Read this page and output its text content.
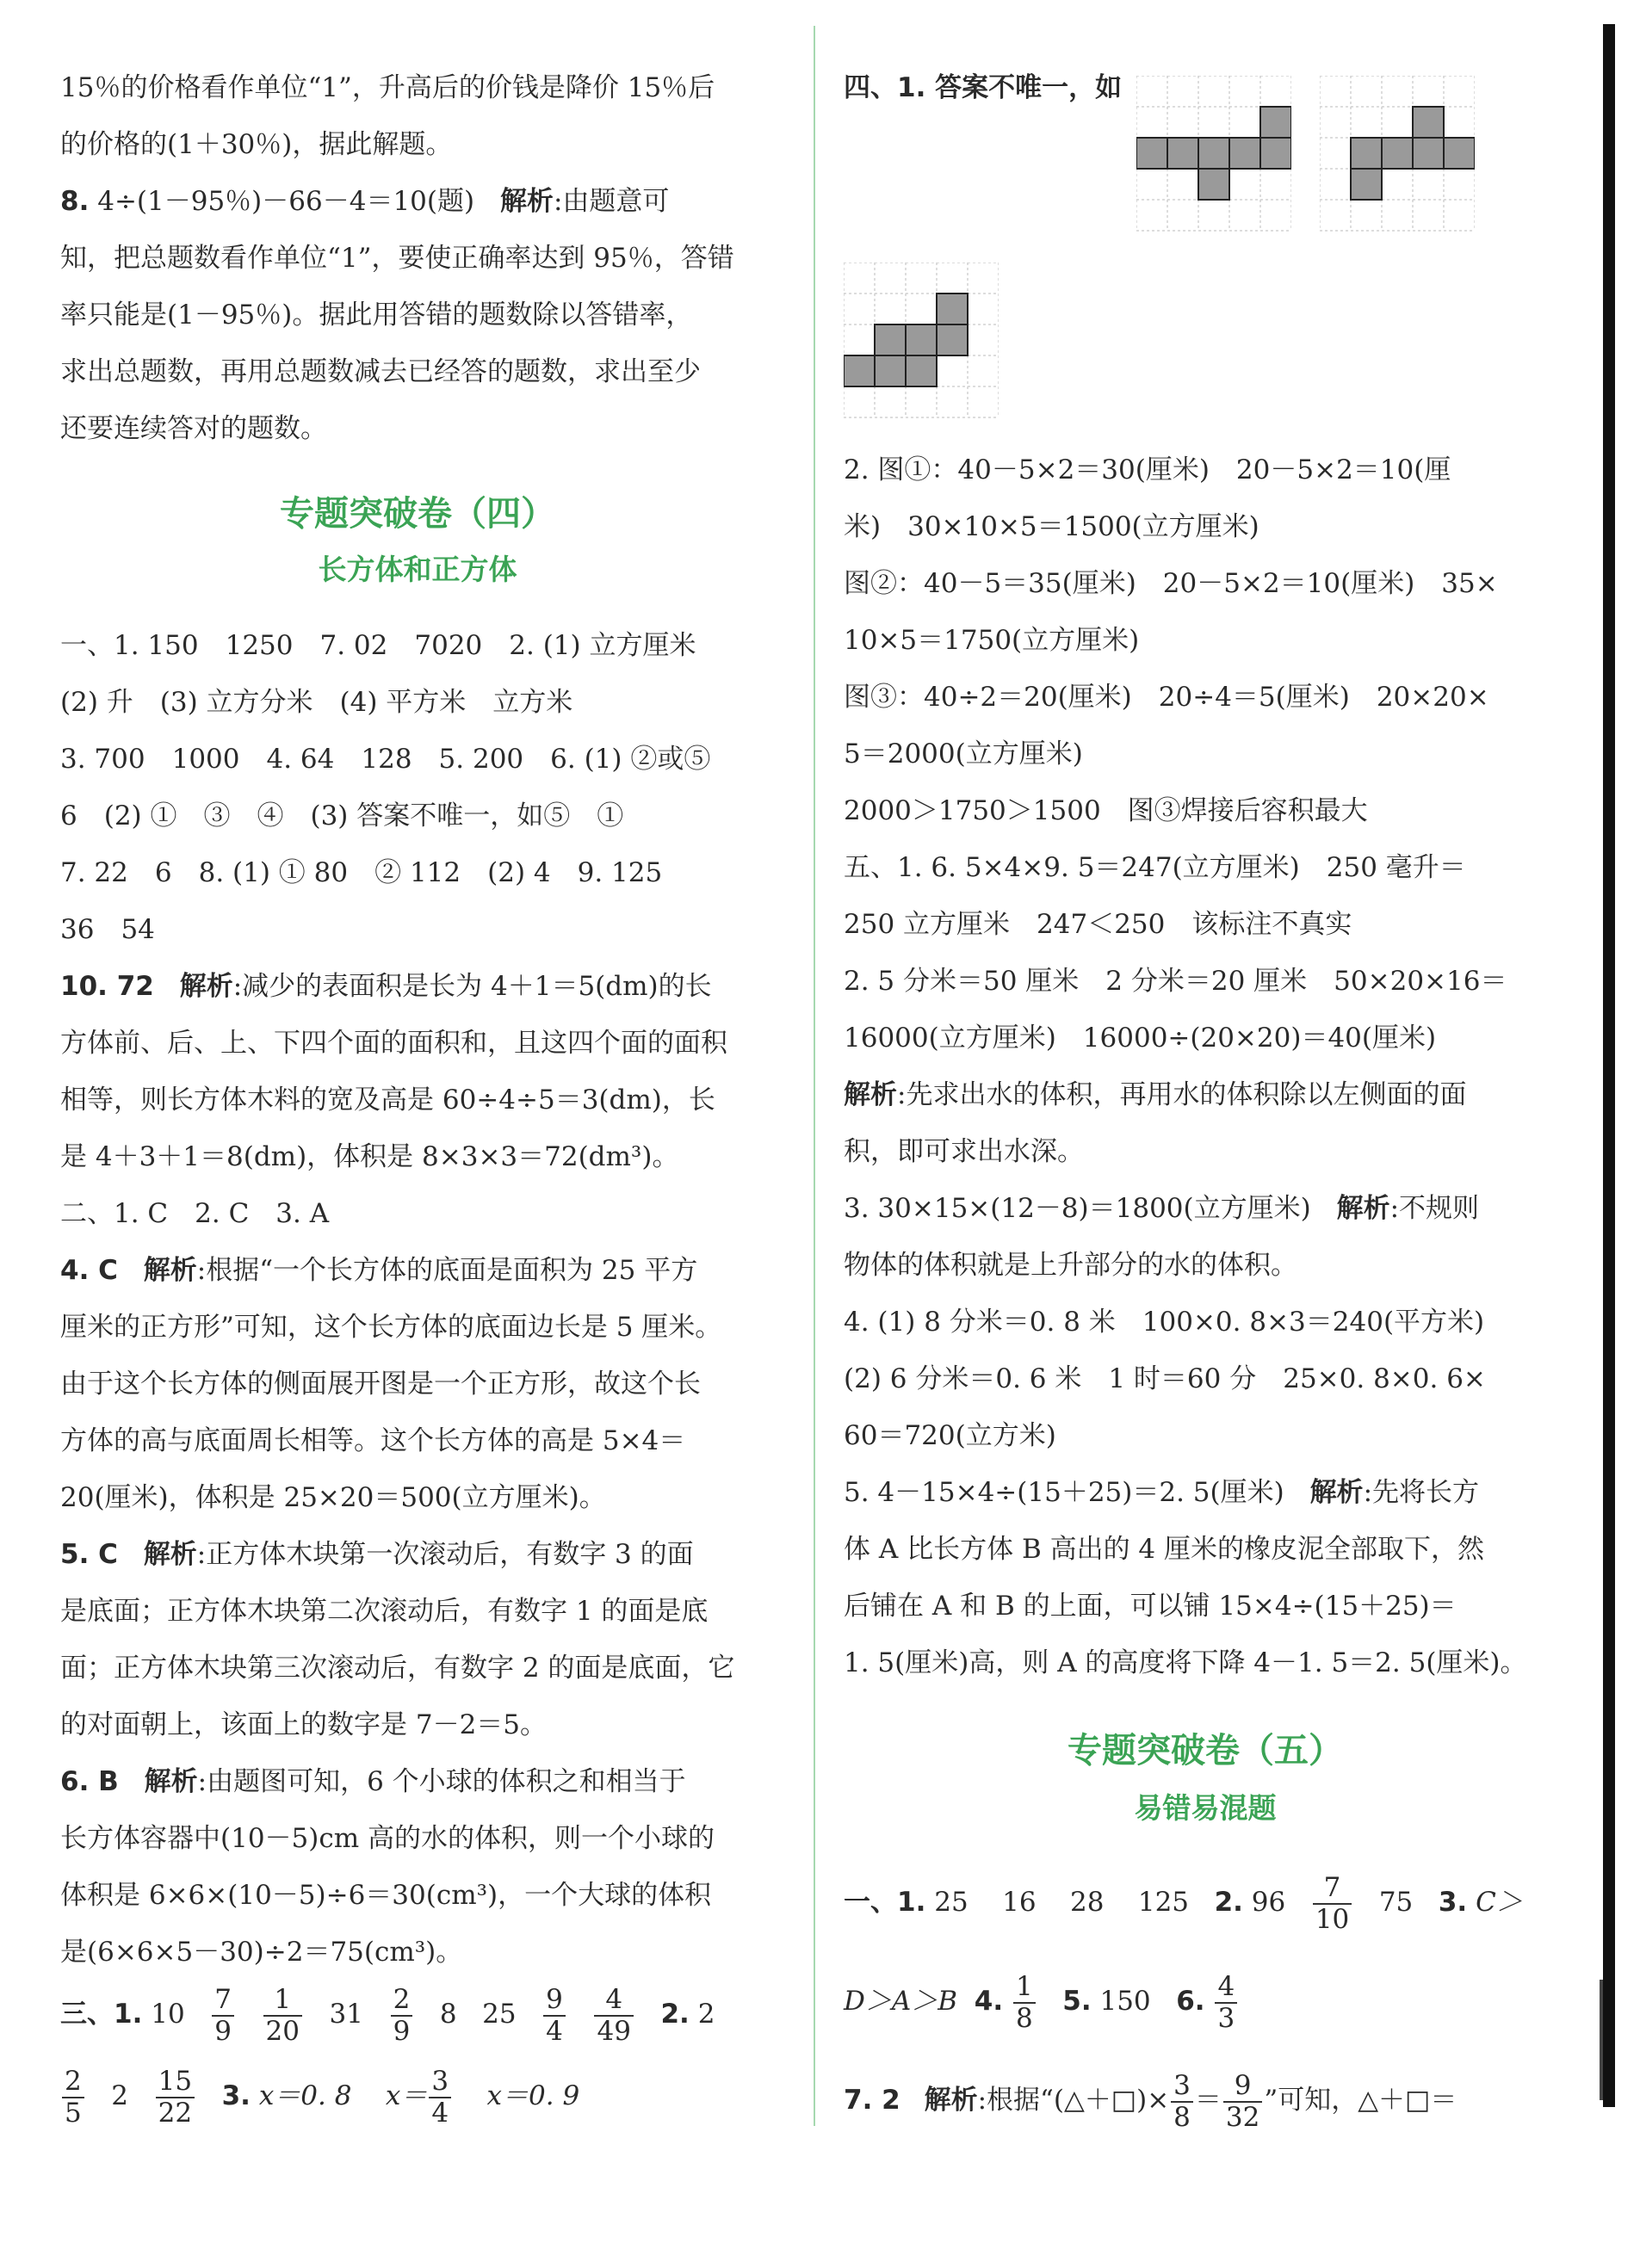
15％的价格看作单位“1”，升高后的价钱是降价 15％后
的价格的(1＋30％)，据此解题。
8. 4÷(1－95％)－66－4＝10(题) 解析:由题意可
知，把总题数看作单位“1”，要使正确率达到 95％，答错
率只能是(1－95％)。据此用答错的题数除以答错率，
求出总题数，再用总题数减去已经答的题数，求出至少
还要连续答对的题数。
专题突破卷（四）
长方体和正方体
一、1. 150　1250　7. 02　7020　2. (1) 立方厘米
(2) 升　(3) 立方分米　(4) 平方米　立方米
3. 700　1000　4. 64　128　5. 200　6. (1) ②或⑤
6　(2) ①　③　④　(3) 答案不唯一，如⑤　①
7. 22　6　8. (1) ① 80　② 112　(2) 4　9. 125
36　54
10. 72 解析:减少的表面积是长为 4＋1＝5(dm)的长
方体前、后、上、下四个面的面积和，且这四个面的面积
相等，则长方体木料的宽及高是 60÷4÷5＝3(dm)，长
是 4＋3＋1＝8(dm)，体积是 8×3×3＝72(dm³)。
二、1. C　2. C　3. A
4. C 解析:根据“一个长方体的底面是面积为 25 平方
厘米的正方形”可知，这个长方体的底面边长是 5 厘米。
由于这个长方体的侧面展开图是一个正方形，故这个长
方体的高与底面周长相等。这个长方体的高是 5×4＝
20(厘米)，体积是 25×20＝500(立方厘米)。
5. C 解析:正方体木块第一次滚动后，有数字 3 的面
是底面；正方体木块第二次滚动后，有数字 1 的面是底
面；正方体木块第三次滚动后，有数字 2 的面是底面，它
的对面朝上，该面上的数字是 7－2＝5。
6. B 解析:由题图可知，6 个小球的体积之和相当于
长方体容器中(10－5)cm 高的水的体积，则一个小球的
体积是 6×6×(10－5)÷6＝30(cm³)，一个大球的体积
是(6×6×5－30)÷2＝75(cm³)。
三、1. $10 \frac{7}{9}$
$\frac{1}{20} 31 \frac{2}{9} 8$ $25 \frac{9}{4}$
$\frac{4}{49} 2$. 2
$\frac{2}{5} 2 \frac{15}{22} 3$. x＝0. 8 $x= \frac{3}{4} x=0$. 9
四、1. 答案不唯一，如
2. 图①：40－5×2＝30(厘米)　20－5×2＝10(厘
米)　30×10×5＝1500(立方厘米)
图②：40－5＝35(厘米)　20－5×2＝10(厘米)　35×
10×5＝1750(立方厘米)
图③：40÷2＝20(厘米)　20÷4＝5(厘米)　20×20×
5＝2000(立方厘米)
2000＞1750＞1500　图③焊接后容积最大
五、1. 6. 5×4×9. 5＝247(立方厘米)　250 毫升＝
250 立方厘米　247＜250　该标注不真实
2. 5 分米＝50 厘米　2 分米＝20 厘米　50×20×16＝
16000(立方厘米)　16000÷(20×20)＝40(厘米)
解析:先求出水的体积，再用水的体积除以左侧面的面
积，即可求出水深。
3. 30×15×(12－8)＝1800(立方厘米) 解析:不规则
物体的体积就是上升部分的水的体积。
4. (1) 8 分米＝0. 8 米　100×0. 8×3＝240(平方米)
(2) 6 分米＝0. 6 米　1 时＝60 分　25×0. 8×0. 6×
60＝720(立方米)
5. 4－15×4÷(15＋25)＝2. 5(厘米) 解析:先将长方
体 A 比长方体 B 高出的 4 厘米的橡皮泥全部取下，然
后铺在 A 和 B 的上面，可以铺 15×4÷(15＋25)＝
1. 5(厘米)高，则 A 的高度将下降 4－1. 5＝2. 5(厘米)。
专题突破卷（五）
易错易混题
一、1. 25 16 28 125 2. $96 \frac{7}{10} 75$ 3. C＞
D＞A＞B 4. $\frac{1}{8} 5$. 150 6. $\frac{4}{3}$
7. 2 解析:根据“(△＋□)× $\frac{3}{8} = \frac{9}{32}$ ”可知，△＋□＝
